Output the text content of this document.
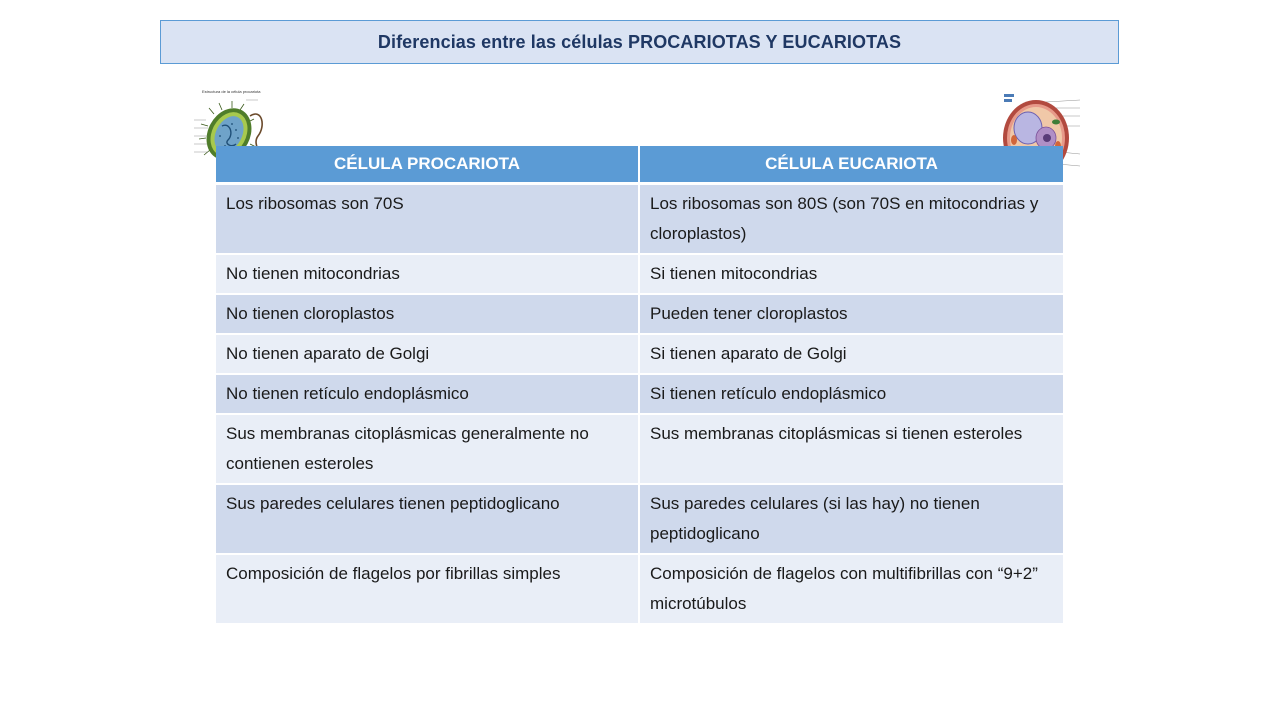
Diferencias entre las células PROCARIOTAS Y EUCARIOTAS
Estructura de la célula procariota
CÉLULA PROCARIOTA	CÉLULA EUCARIOTA
Los ribosomas son 70S	Los ribosomas son 80S (son 70S en mitocondrias y cloroplastos)
No tienen mitocondrias	Si tienen mitocondrias
No tienen cloroplastos	Pueden tener cloroplastos
No tienen aparato de Golgi	Si tienen aparato de Golgi
No tienen retículo endoplásmico	Si tienen retículo endoplásmico
Sus membranas citoplásmicas generalmente no contienen esteroles	Sus membranas citoplásmicas si tienen esteroles
Sus paredes celulares tienen peptidoglicano	Sus paredes celulares (si las hay) no tienen peptidoglicano
Composición de flagelos por fibrillas simples	Composición de flagelos con multifibrillas con “9+2” microtúbulos
